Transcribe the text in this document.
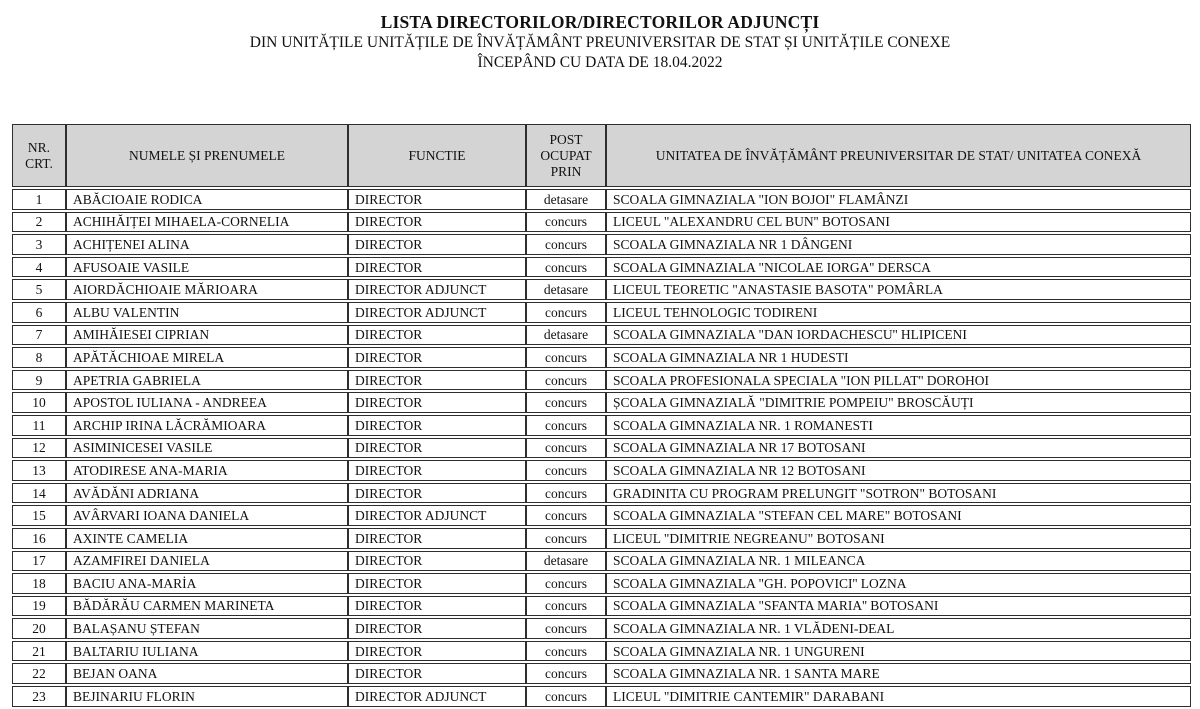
LISTA DIRECTORILOR/DIRECTORILOR ADJUNCȚI
DIN UNITĂȚILE UNITĂȚILE DE ÎNVĂȚĂMÂNT PREUNIVERSITAR DE STAT ȘI UNITĂȚILE CONEXE
ÎNCEPÂND CU DATA DE 18.04.2022
NR. CRT.	NUMELE ȘI PRENUMELE	FUNCTIE	POST OCUPAT PRIN	UNITATEA DE ÎNVĂȚĂMÂNT PREUNIVERSITAR DE STAT/ UNITATEA CONEXĂ
1	ABĂCIOAIE RODICA	DIRECTOR	detasare	SCOALA GIMNAZIALA "ION BOJOI" FLAMÂNZI
2	ACHIHĂIȚEI MIHAELA-CORNELIA	DIRECTOR	concurs	LICEUL "ALEXANDRU CEL BUN'' BOTOSANI
3	ACHIȚENEI ALINA	DIRECTOR	concurs	SCOALA GIMNAZIALA NR 1 DÂNGENI
4	AFUSOAIE VASILE	DIRECTOR	concurs	SCOALA GIMNAZIALA "NICOLAE IORGA'' DERSCA
5	AIORDĂCHIOAIE MĂRIOARA	DIRECTOR ADJUNCT	detasare	LICEUL TEORETIC "ANASTASIE BASOTA" POMÂRLA
6	ALBU VALENTIN	DIRECTOR ADJUNCT	concurs	LICEUL TEHNOLOGIC TODIRENI
7	AMIHĂIESEI CIPRIAN	DIRECTOR	detasare	SCOALA GIMNAZIALA "DAN IORDACHESCU'' HLIPICENI
8	APĂTĂCHIOAE MIRELA	DIRECTOR	concurs	SCOALA GIMNAZIALA NR 1 HUDESTI
9	APETRIA GABRIELA	DIRECTOR	concurs	SCOALA PROFESIONALA SPECIALA "ION PILLAT'' DOROHOI
10	APOSTOL IULIANA - ANDREEA	DIRECTOR	concurs	ȘCOALA GIMNAZIALĂ "DIMITRIE POMPEIU" BROSCĂUȚI
11	ARCHIP IRINA LĂCRĂMIOARA	DIRECTOR	concurs	SCOALA GIMNAZIALA NR. 1 ROMANESTI
12	ASIMINICESEI VASILE	DIRECTOR	concurs	SCOALA GIMNAZIALA NR 17 BOTOSANI
13	ATODIRESE ANA-MARIA	DIRECTOR	concurs	SCOALA GIMNAZIALA NR 12 BOTOSANI
14	AVĂDĂNI ADRIANA	DIRECTOR	concurs	GRADINITA CU PROGRAM PRELUNGIT "SOTRON" BOTOSANI
15	AVÂRVARI IOANA DANIELA	DIRECTOR ADJUNCT	concurs	SCOALA GIMNAZIALA "STEFAN CEL MARE" BOTOSANI
16	AXINTE CAMELIA	DIRECTOR	concurs	LICEUL "DIMITRIE NEGREANU" BOTOSANI
17	AZAMFIREI DANIELA	DIRECTOR	detasare	SCOALA GIMNAZIALA NR. 1 MILEANCA
18	BACIU ANA-MARİA	DIRECTOR	concurs	SCOALA GIMNAZIALA "GH. POPOVICI'' LOZNA
19	BĂDĂRĂU CARMEN MARINETA	DIRECTOR	concurs	SCOALA GIMNAZIALA "SFANTA MARIA'' BOTOSANI
20	BALAȘANU ȘTEFAN	DIRECTOR	concurs	SCOALA GIMNAZIALA NR. 1 VLĂDENI-DEAL
21	BALTARIU IULIANA	DIRECTOR	concurs	SCOALA GIMNAZIALA NR. 1 UNGURENI
22	BEJAN OANA	DIRECTOR	concurs	SCOALA GIMNAZIALA NR. 1 SANTA MARE
23	BEJINARIU FLORIN	DIRECTOR ADJUNCT	concurs	LICEUL "DIMITRIE CANTEMIR" DARABANI
